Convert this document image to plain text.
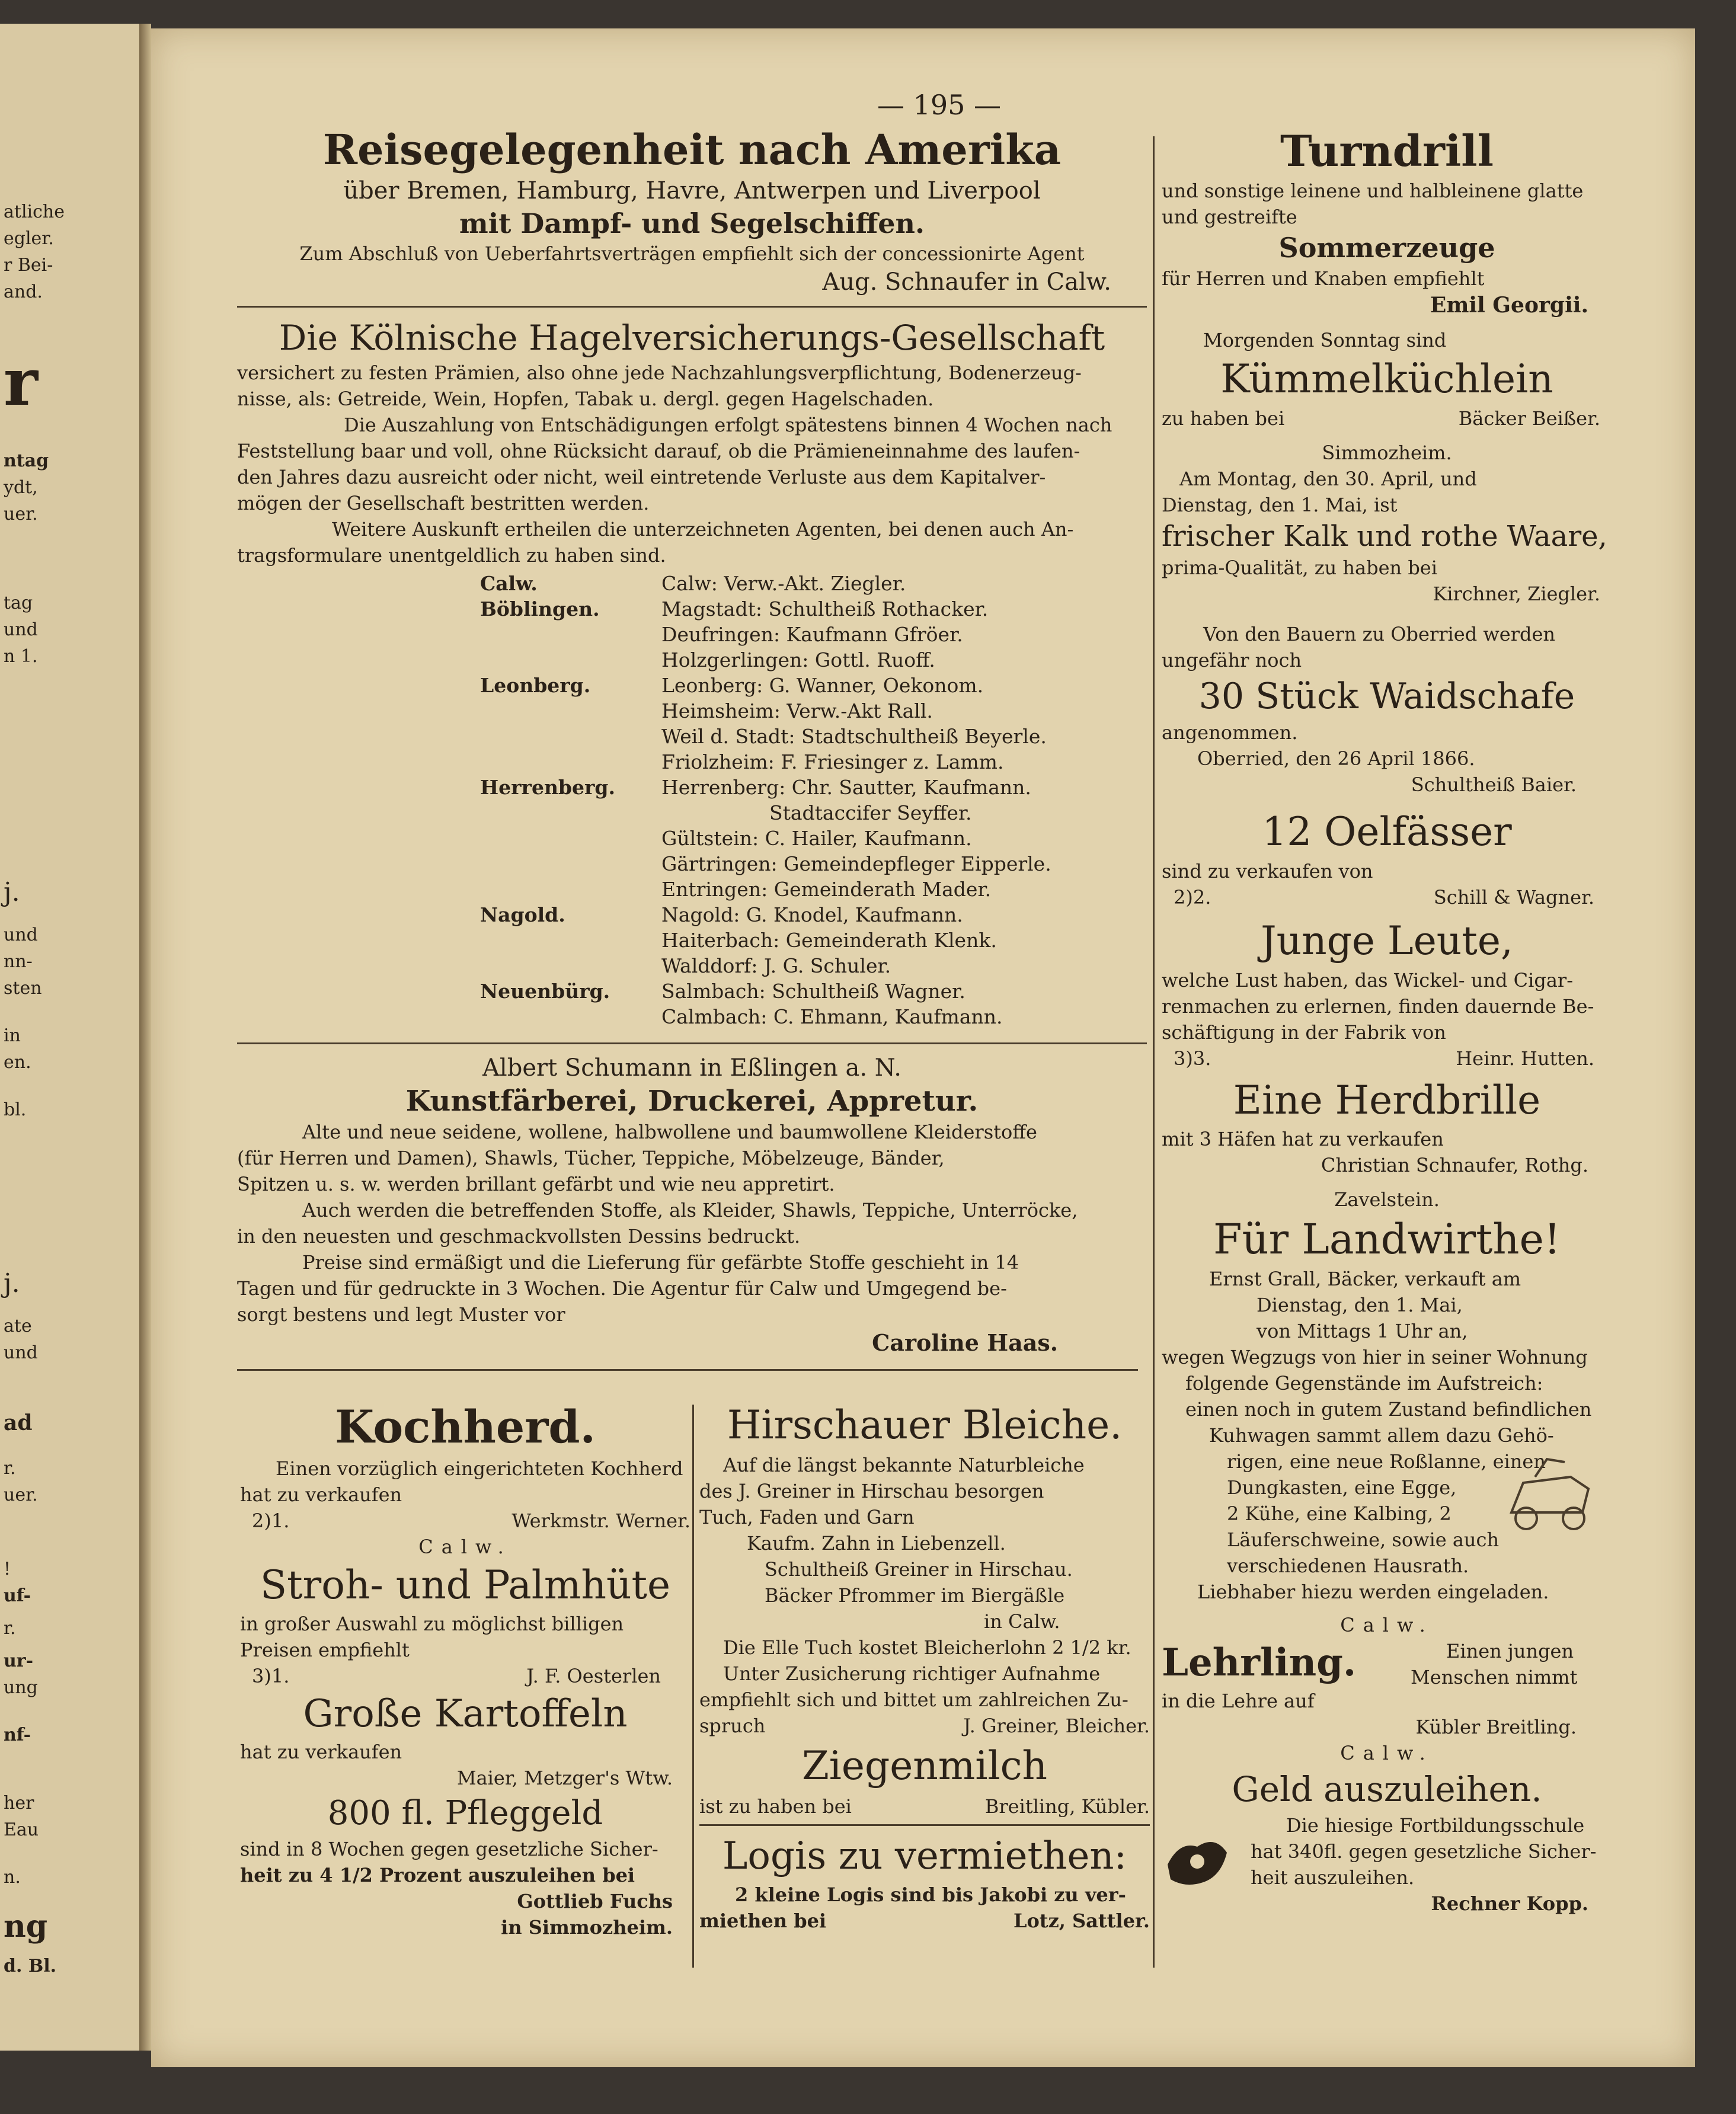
atliche
egler.
r Bei-
and.
r
ntag
ydt,
uer.
tag
und
n 1.
j.
und
nn-
sten
in
en.
bl.
j.
ate
und
ad
r.
uer.
!
uf-
r.
ur-
ung
nf-
her
Eau
n.
ng
d. Bl.
— 195 —
Reisegelegenheit nach Amerika
über Bremen, Hamburg, Havre, Antwerpen und Liverpool
mit Dampf- und Segelschiffen.
Zum Abschluß von Ueberfahrtsverträgen empfiehlt sich der concessionirte Agent
Aug. Schnaufer in Calw.
Die Kölnische Hagelversicherungs-Gesellschaft
versichert zu festen Prämien, also ohne jede Nachzahlungsverpflichtung, Bodenerzeug-
nisse, als: Getreide, Wein, Hopfen, Tabak u. dergl. gegen Hagelschaden.
Die Auszahlung von Entschädigungen erfolgt spätestens binnen 4 Wochen nach
Feststellung baar und voll, ohne Rücksicht darauf, ob die Prämieneinnahme des laufen-
den Jahres dazu ausreicht oder nicht, weil eintretende Verluste aus dem Kapitalver-
mögen der Gesellschaft bestritten werden.
Weitere Auskunft ertheilen die unterzeichneten Agenten, bei denen auch An-
tragsformulare unentgeldlich zu haben sind.
Calw.	Calw: Verw.-Akt. Ziegler.
Böblingen.	Magstadt: Schultheiß Rothacker.
	Deufringen: Kaufmann Gfröer.
	Holzgerlingen: Gottl. Ruoff.
Leonberg.	Leonberg: G. Wanner, Oekonom.
	Heimsheim: Verw.-Akt Rall.
	Weil d. Stadt: Stadtschultheiß Beyerle.
	Friolzheim: F. Friesinger z. Lamm.
Herrenberg.	Herrenberg: Chr. Sautter, Kaufmann.
	Stadtaccifer Seyffer.
	Gültstein: C. Hailer, Kaufmann.
	Gärtringen: Gemeindepfleger Eipperle.
	Entringen: Gemeinderath Mader.
Nagold.	Nagold: G. Knodel, Kaufmann.
	Haiterbach: Gemeinderath Klenk.
	Walddorf: J. G. Schuler.
Neuenbürg.	Salmbach: Schultheiß Wagner.
	Calmbach: C. Ehmann, Kaufmann.
Albert Schumann in Eßlingen a. N.
Kunstfärberei, Druckerei, Appretur.
Alte und neue seidene, wollene, halbwollene und baumwollene Kleiderstoffe
(für Herren und Damen), Shawls, Tücher, Teppiche, Möbelzeuge, Bänder,
Spitzen u. s. w. werden brillant gefärbt und wie neu appretirt.
Auch werden die betreffenden Stoffe, als Kleider, Shawls, Teppiche, Unterröcke,
in den neuesten und geschmackvollsten Dessins bedruckt.
Preise sind ermäßigt und die Lieferung für gefärbte Stoffe geschieht in 14
Tagen und für gedruckte in 3 Wochen. Die Agentur für Calw und Umgegend be-
sorgt bestens und legt Muster vor
Caroline Haas.
Kochherd.
Einen vorzüglich eingerichteten Kochherd
hat zu verkaufen
2)1.	Werkmstr. Werner.
Calw.
Stroh- und Palmhüte
in großer Auswahl zu möglichst billigen
Preisen empfiehlt
3)1.	J. F. Oesterlen
Große Kartoffeln
hat zu verkaufen
Maier, Metzger's Wtw.
800 fl. Pfleggeld
sind in 8 Wochen gegen gesetzliche Sicher-
heit zu 4 1/2 Prozent auszuleihen bei
Gottlieb Fuchs
in Simmozheim.
Hirschauer Bleiche.
Auf die längst bekannte Naturbleiche
des J. Greiner in Hirschau besorgen
Tuch, Faden und Garn
Kaufm. Zahn in Liebenzell.
Schultheiß Greiner in Hirschau.
Bäcker Pfrommer im Biergäßle
in Calw.
Die Elle Tuch kostet Bleicherlohn 2 1/2 kr.
Unter Zusicherung richtiger Aufnahme
empfiehlt sich und bittet um zahlreichen Zu-
spruch	J. Greiner, Bleicher.
Ziegenmilch
ist zu haben bei	Breitling, Kübler.
Logis zu vermiethen:
2 kleine Logis sind bis Jakobi zu ver-
miethen bei	Lotz, Sattler.
Turndrill
und sonstige leinene und halbleinene glatte
und gestreifte
Sommerzeuge
für Herren und Knaben empfiehlt
Emil Georgii.
Morgenden Sonntag sind
Kümmelküchlein
zu haben bei	Bäcker Beißer.
Simmozheim.
Am Montag, den 30. April, und
Dienstag, den 1. Mai, ist
frischer Kalk und rothe Waare,
prima-Qualität, zu haben bei
Kirchner, Ziegler.
Von den Bauern zu Oberried werden
ungefähr noch
30 Stück Waidschafe
angenommen.
Oberried, den 26 April 1866.
Schultheiß Baier.
12 Oelfässer
sind zu verkaufen von
2)2.	Schill & Wagner.
Junge Leute,
welche Lust haben, das Wickel- und Cigar-
renmachen zu erlernen, finden dauernde Be-
schäftigung in der Fabrik von
3)3.	Heinr. Hutten.
Eine Herdbrille
mit 3 Häfen hat zu verkaufen
Christian Schnaufer, Rothg.
Zavelstein.
Für Landwirthe!
Ernst Grall, Bäcker, verkauft am
Dienstag, den 1. Mai,
von Mittags 1 Uhr an,
wegen Wegzugs von hier in seiner Wohnung
folgende Gegenstände im Aufstreich:
einen noch in gutem Zustand befindlichen
Kuhwagen sammt allem dazu Gehö-
rigen, eine neue Roßlanne, einen
Dungkasten, eine Egge,
2 Kühe, eine Kalbing, 2
Läuferschweine, sowie auch
verschiedenen Hausrath.
Liebhaber hiezu werden eingeladen.
Calw.
Lehrling.	Einen jungen
Menschen nimmt
in die Lehre auf
Kübler Breitling.
Calw.
Geld auszuleihen.
Die hiesige Fortbildungsschule
hat 340fl. gegen gesetzliche Sicher-
heit auszuleihen.
Rechner Kopp.
